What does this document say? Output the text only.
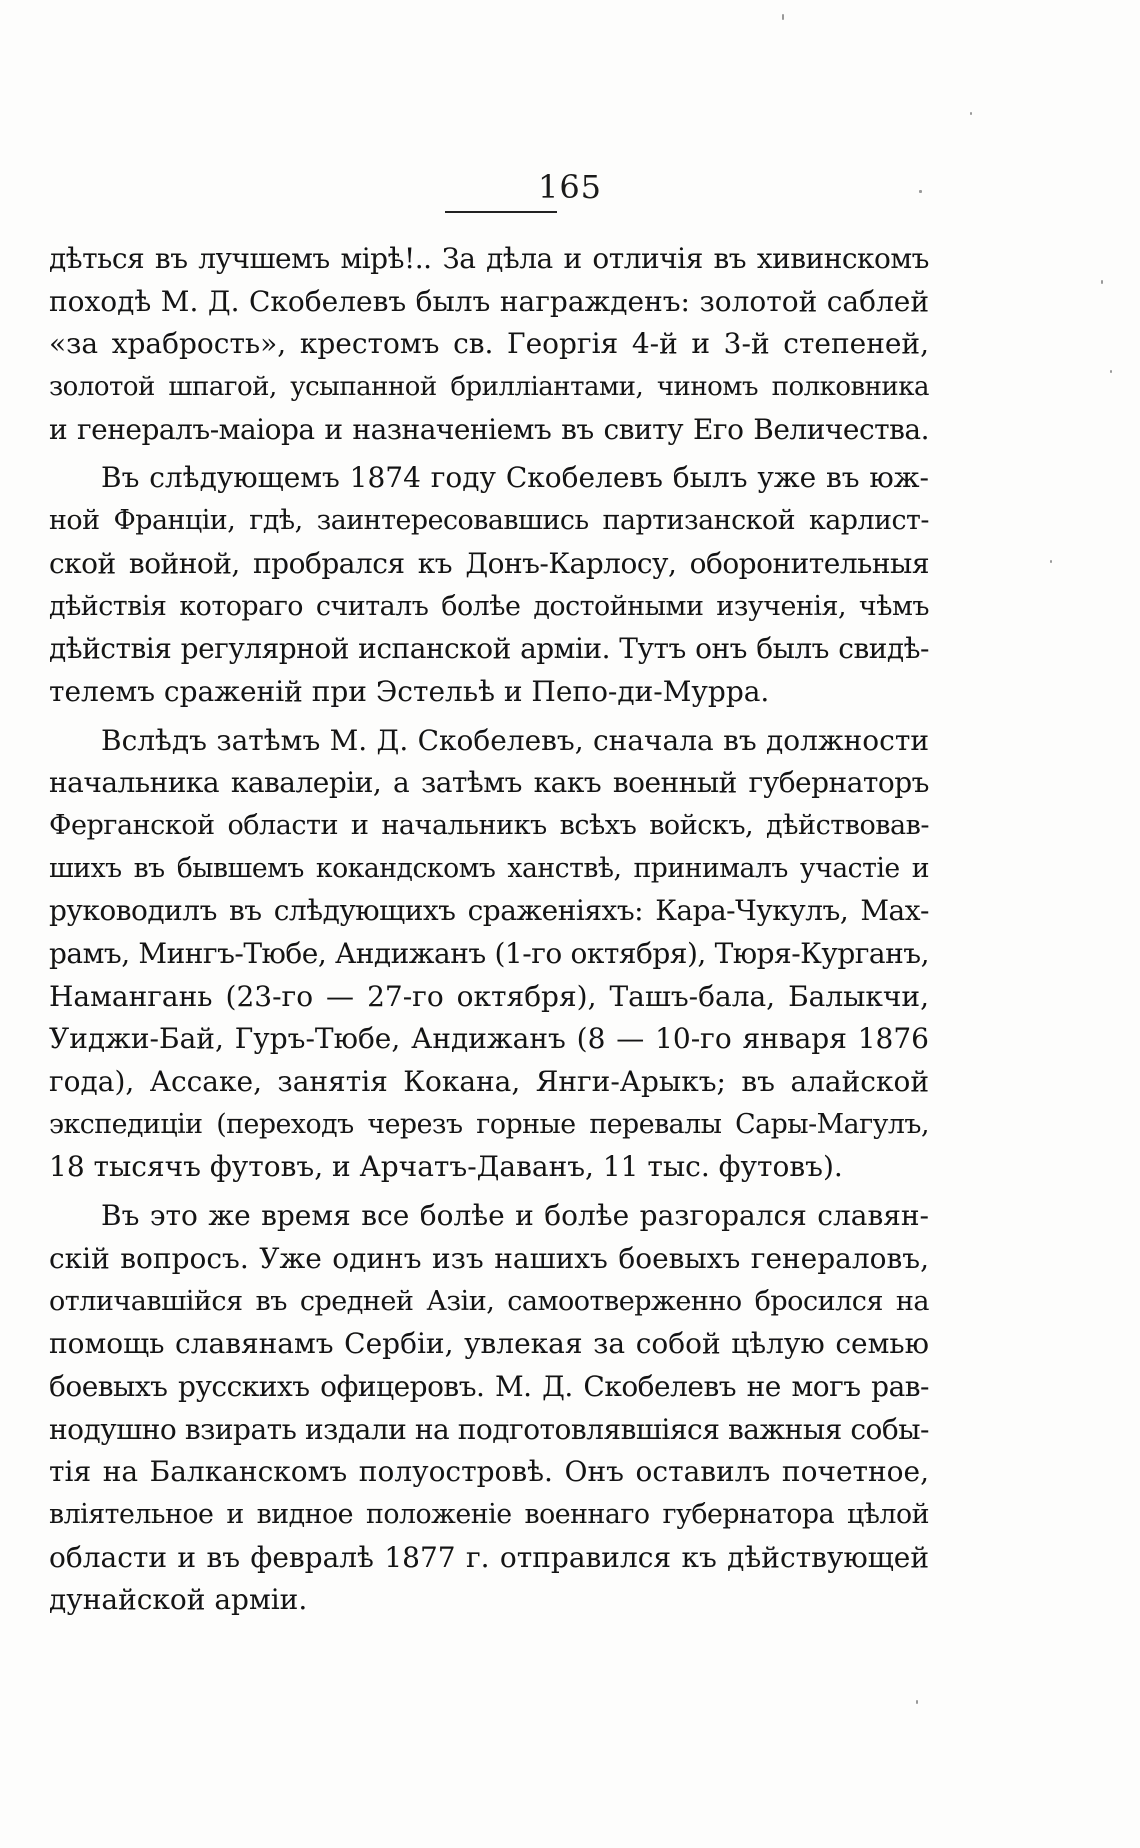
165
дѣться въ лучшемъ мірѣ!.. За дѣла и отличія въ хивинскомъ
походѣ М. Д. Скобелевъ былъ награжденъ: золотой саблей
«за храбрость», крестомъ св. Георгія 4-й и 3-й степеней,
золотой шпагой, усыпанной брилліантами, чиномъ полковника
и генералъ-маіора и назначеніемъ въ свиту Его Величества.
Въ слѣдующемъ 1874 году Скобелевъ былъ уже въ юж-
ной Франціи, гдѣ, заинтересовавшись партизанской карлист-
ской войной, пробрался къ Донъ-Карлосу, оборонительныя
дѣйствія котораго считалъ болѣе достойными изученія, чѣмъ
дѣйствія регулярной испанской арміи. Тутъ онъ былъ свидѣ-
телемъ сраженій при Эстельѣ и Пепо-ди-Мурра.
Вслѣдъ затѣмъ М. Д. Скобелевъ, сначала въ должности
начальника кавалеріи, а затѣмъ какъ военный губернаторъ
Ферганской области и начальникъ всѣхъ войскъ, дѣйствовав-
шихъ въ бывшемъ кокандскомъ ханствѣ, принималъ участіе и
руководилъ въ слѣдующихъ сраженіяхъ: Кара-Чукулъ, Мах-
рамъ, Мингъ-Тюбе, Андижанъ (1-го октября), Тюря-Курганъ,
Намангань (23-го — 27-го октября), Ташъ-бала, Балыкчи,
Уиджи-Бай, Гуръ-Тюбе, Андижанъ (8 — 10-го января 1876
года), Ассаке, занятія Кокана, Янги-Арыкъ; въ алайской
экспедиціи (переходъ черезъ горные перевалы Сары-Магулъ,
18 тысячъ футовъ, и Арчатъ-Даванъ, 11 тыс. футовъ).
Въ это же время все болѣе и болѣе разгорался славян-
скій вопросъ. Уже одинъ изъ нашихъ боевыхъ генераловъ,
отличавшійся въ средней Азіи, самоотверженно бросился на
помощь славянамъ Сербіи, увлекая за собой цѣлую семью
боевыхъ русскихъ офицеровъ. М. Д. Скобелевъ не могъ рав-
нодушно взирать издали на подготовлявшіяся важныя собы-
тія на Балканскомъ полуостровѣ. Онъ оставилъ почетное,
вліятельное и видное положеніе военнаго губернатора цѣлой
области и въ февралѣ 1877 г. отправился къ дѣйствующей
дунайской арміи.
